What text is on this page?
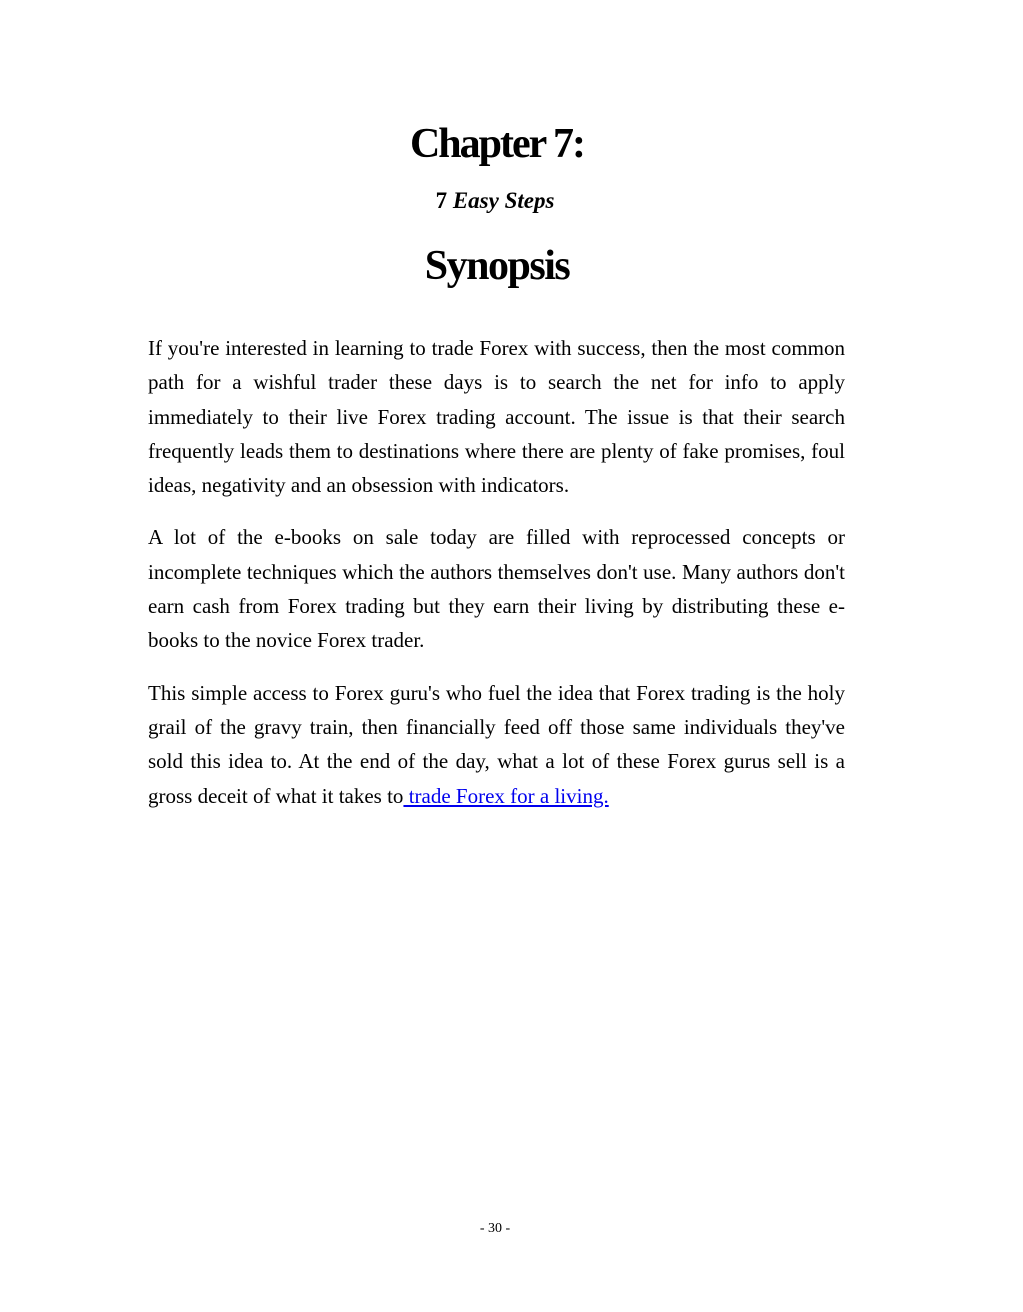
Chapter 7:
7 Easy Steps
Synopsis

If you're interested in learning to trade Forex with success, then the most common path for a wishful trader these days is to search the net for info to apply immediately to their live Forex trading account. The issue is that their search frequently leads them to destinations where there are plenty of fake promises, foul ideas, negativity and an obsession with indicators.

A lot of the e-books on sale today are filled with reprocessed concepts or incomplete techniques which the authors themselves don't use. Many authors don't earn cash from Forex trading but they earn their living by distributing these e-books to the novice Forex trader.

This simple access to Forex guru's who fuel the idea that Forex trading is the holy grail of the gravy train, then financially feed off those same individuals they've sold this idea to. At the end of the day, what a lot of these Forex gurus sell is a gross deceit of what it takes to trade Forex for a living.

- 30 -
